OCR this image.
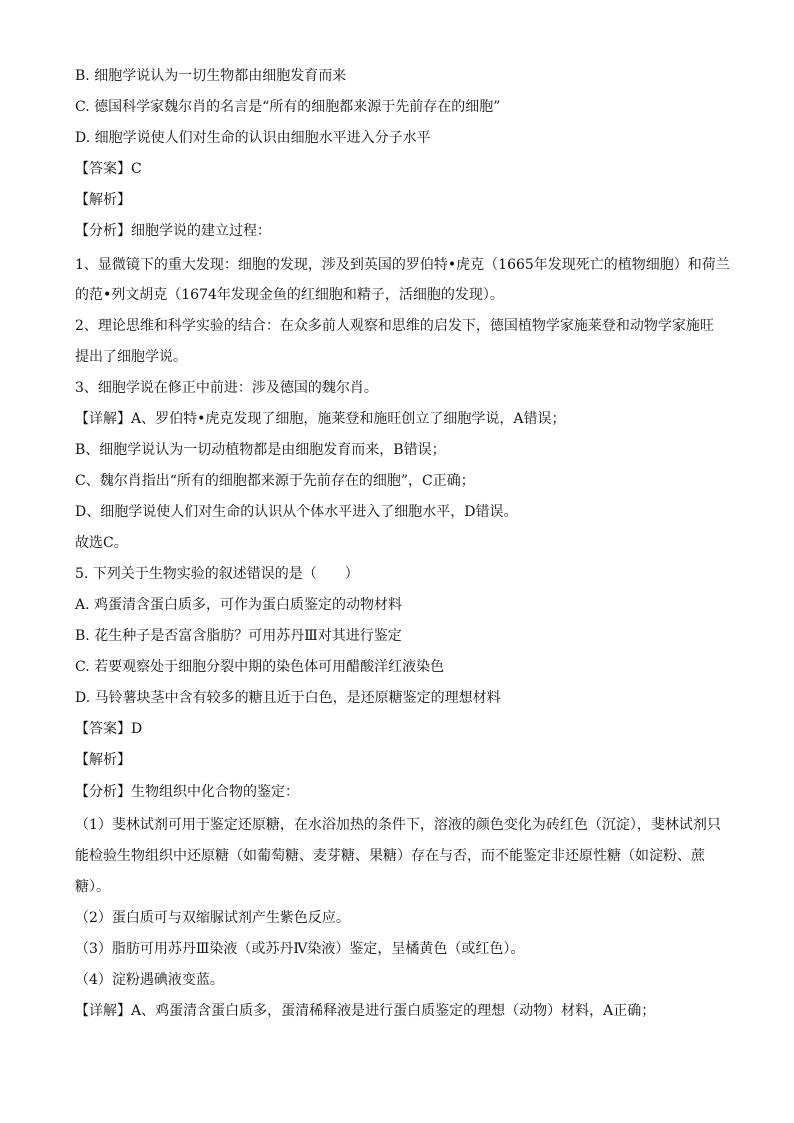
B. 细胞学说认为一切生物都由细胞发育而来
C. 德国科学家魏尔肖的名言是“所有的细胞都来源于先前存在的细胞”
D. 细胞学说使人们对生命的认识由细胞水平进入分子水平
【答案】C
【解析】
【分析】细胞学说的建立过程：
1、显微镜下的重大发现：细胞的发现，涉及到英国的罗伯特•虎克（1665年发现死亡的植物细胞）和荷兰
的范•列文胡克（1674年发现金鱼的红细胞和精子，活细胞的发现）。
2、理论思维和科学实验的结合：在众多前人观察和思维的启发下，德国植物学家施莱登和动物学家施旺
提出了细胞学说。
3、细胞学说在修正中前进：涉及德国的魏尔肖。
【详解】A、罗伯特•虎克发现了细胞，施莱登和施旺创立了细胞学说，A错误；
B、细胞学说认为一切动植物都是由细胞发育而来，B错误；
C、魏尔肖指出“所有的细胞都来源于先前存在的细胞”，C正确；
D、细胞学说使人们对生命的认识从个体水平进入了细胞水平，D错误。
故选C。
5. 下列关于生物实验的叙述错误的是（　　）
A. 鸡蛋清含蛋白质多，可作为蛋白质鉴定的动物材料
B. 花生种子是否富含脂肪？可用苏丹Ⅲ对其进行鉴定
C. 若要观察处于细胞分裂中期的染色体可用醋酸洋红液染色
D. 马铃薯块茎中含有较多的糖且近于白色，是还原糖鉴定的理想材料
【答案】D
【解析】
【分析】生物组织中化合物的鉴定：
（1）斐林试剂可用于鉴定还原糖，在水浴加热的条件下，溶液的颜色变化为砖红色（沉淀），斐林试剂只
能检验生物组织中还原糖（如葡萄糖、麦芽糖、果糖）存在与否，而不能鉴定非还原性糖（如淀粉、蔗
糖）。
（2）蛋白质可与双缩脲试剂产生紫色反应。
（3）脂肪可用苏丹Ⅲ染液（或苏丹Ⅳ染液）鉴定，呈橘黄色（或红色）。
（4）淀粉遇碘液变蓝。
【详解】A、鸡蛋清含蛋白质多，蛋清稀释液是进行蛋白质鉴定的理想（动物）材料，A正确；
